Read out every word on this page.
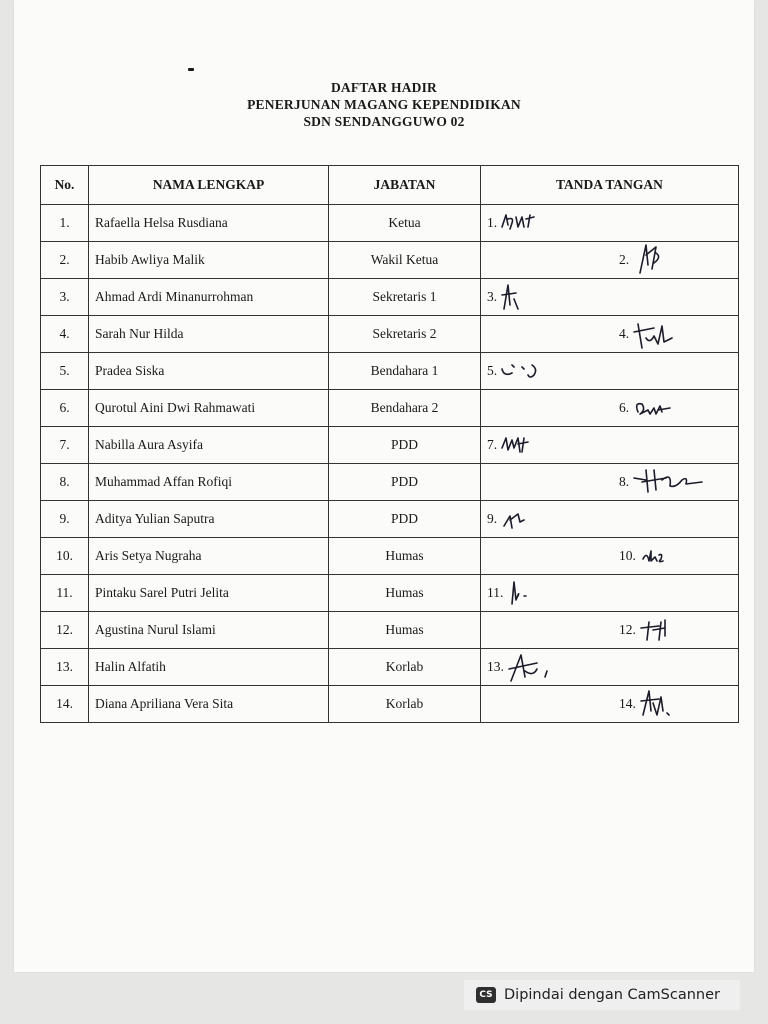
DAFTAR HADIR
PENERJUNAN MAGANG KEPENDIDIKAN
SDN SENDANGGUWO 02
No.	NAMA LENGKAP	JABATAN	TANDA TANGAN
1.	Rafaella Helsa Rusdiana	Ketua	1.

2.	Habib Awliya Malik	Wakil Ketua	2.

3.	Ahmad Ardi Minanurrohman	Sekretaris 1	3.

4.	Sarah Nur Hilda	Sekretaris 2	4.

5.	Pradea Siska	Bendahara 1	5.

6.	Qurotul Aini Dwi Rahmawati	Bendahara 2	6.

7.	Nabilla Aura Asyifa	PDD	7.

8.	Muhammad Affan Rofiqi	PDD	8.

9.	Aditya Yulian Saputra	PDD	9.

10.	Aris Setya Nugraha	Humas	10.

11.	Pintaku Sarel Putri Jelita	Humas	11.

12.	Agustina Nurul Islami	Humas	12.

13.	Halin Alfatih	Korlab	13.

14.	Diana Apriliana Vera Sita	Korlab	14.
CS Dipindai dengan CamScanner
